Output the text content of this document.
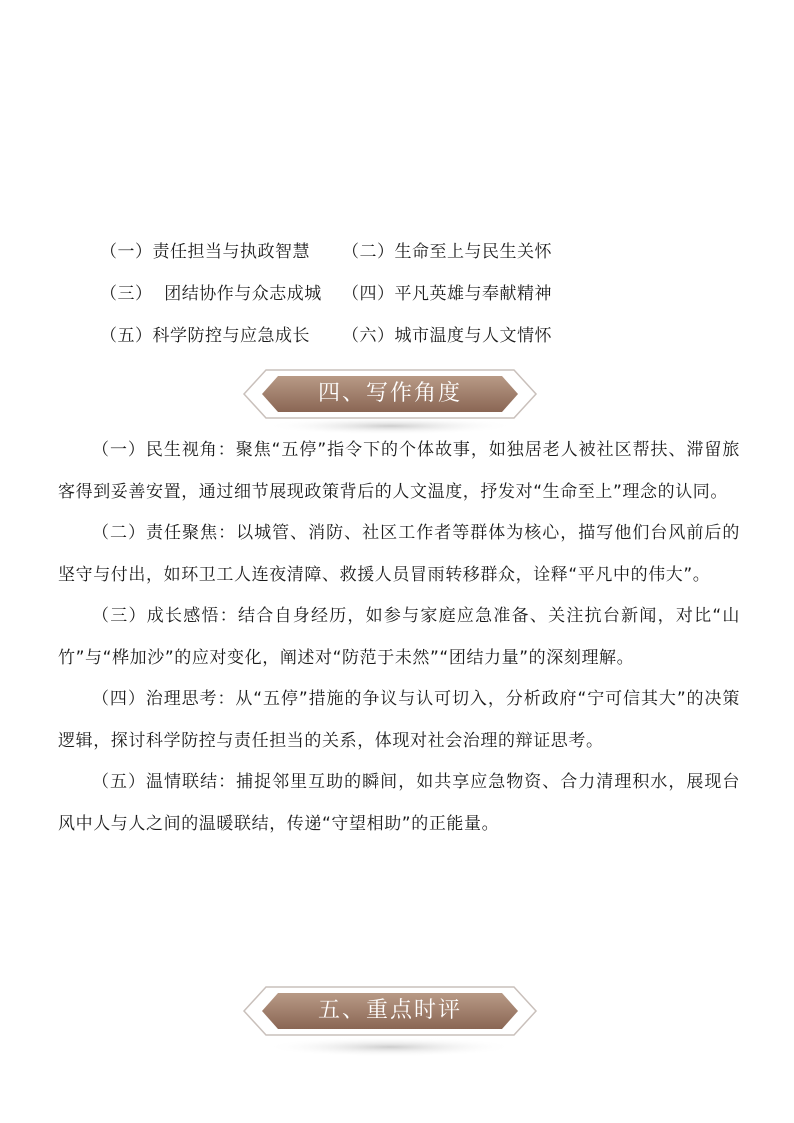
（一）责任担当与执政智慧	（二）生命至上与民生关怀
（三）  团结协作与众志成城	（四）平凡英雄与奉献精神
（五）科学防控与应急成长	（六）城市温度与人文情怀
四、写作角度

（一）民生视角：聚焦“五停”指令下的个体故事，如独居老人被社区帮扶、滞留旅客得到妥善安置，通过细节展现政策背后的人文温度，抒发对“生命至上”理念的认同。

（二）责任聚焦：以城管、消防、社区工作者等群体为核心，描写他们台风前后的坚守与付出，如环卫工人连夜清障、救援人员冒雨转移群众，诠释“平凡中的伟大”。

（三）成长感悟：结合自身经历，如参与家庭应急准备、关注抗台新闻，对比“山竹”与“桦加沙”的应对变化，阐述对“防范于未然”“团结力量”的深刻理解。

（四）治理思考：从“五停”措施的争议与认可切入，分析政府“宁可信其大”的决策逻辑，探讨科学防控与责任担当的关系，体现对社会治理的辩证思考。

（五）温情联结：捕捉邻里互助的瞬间，如共享应急物资、合力清理积水，展现台风中人与人之间的温暖联结，传递“守望相助”的正能量。

五、重点时评
